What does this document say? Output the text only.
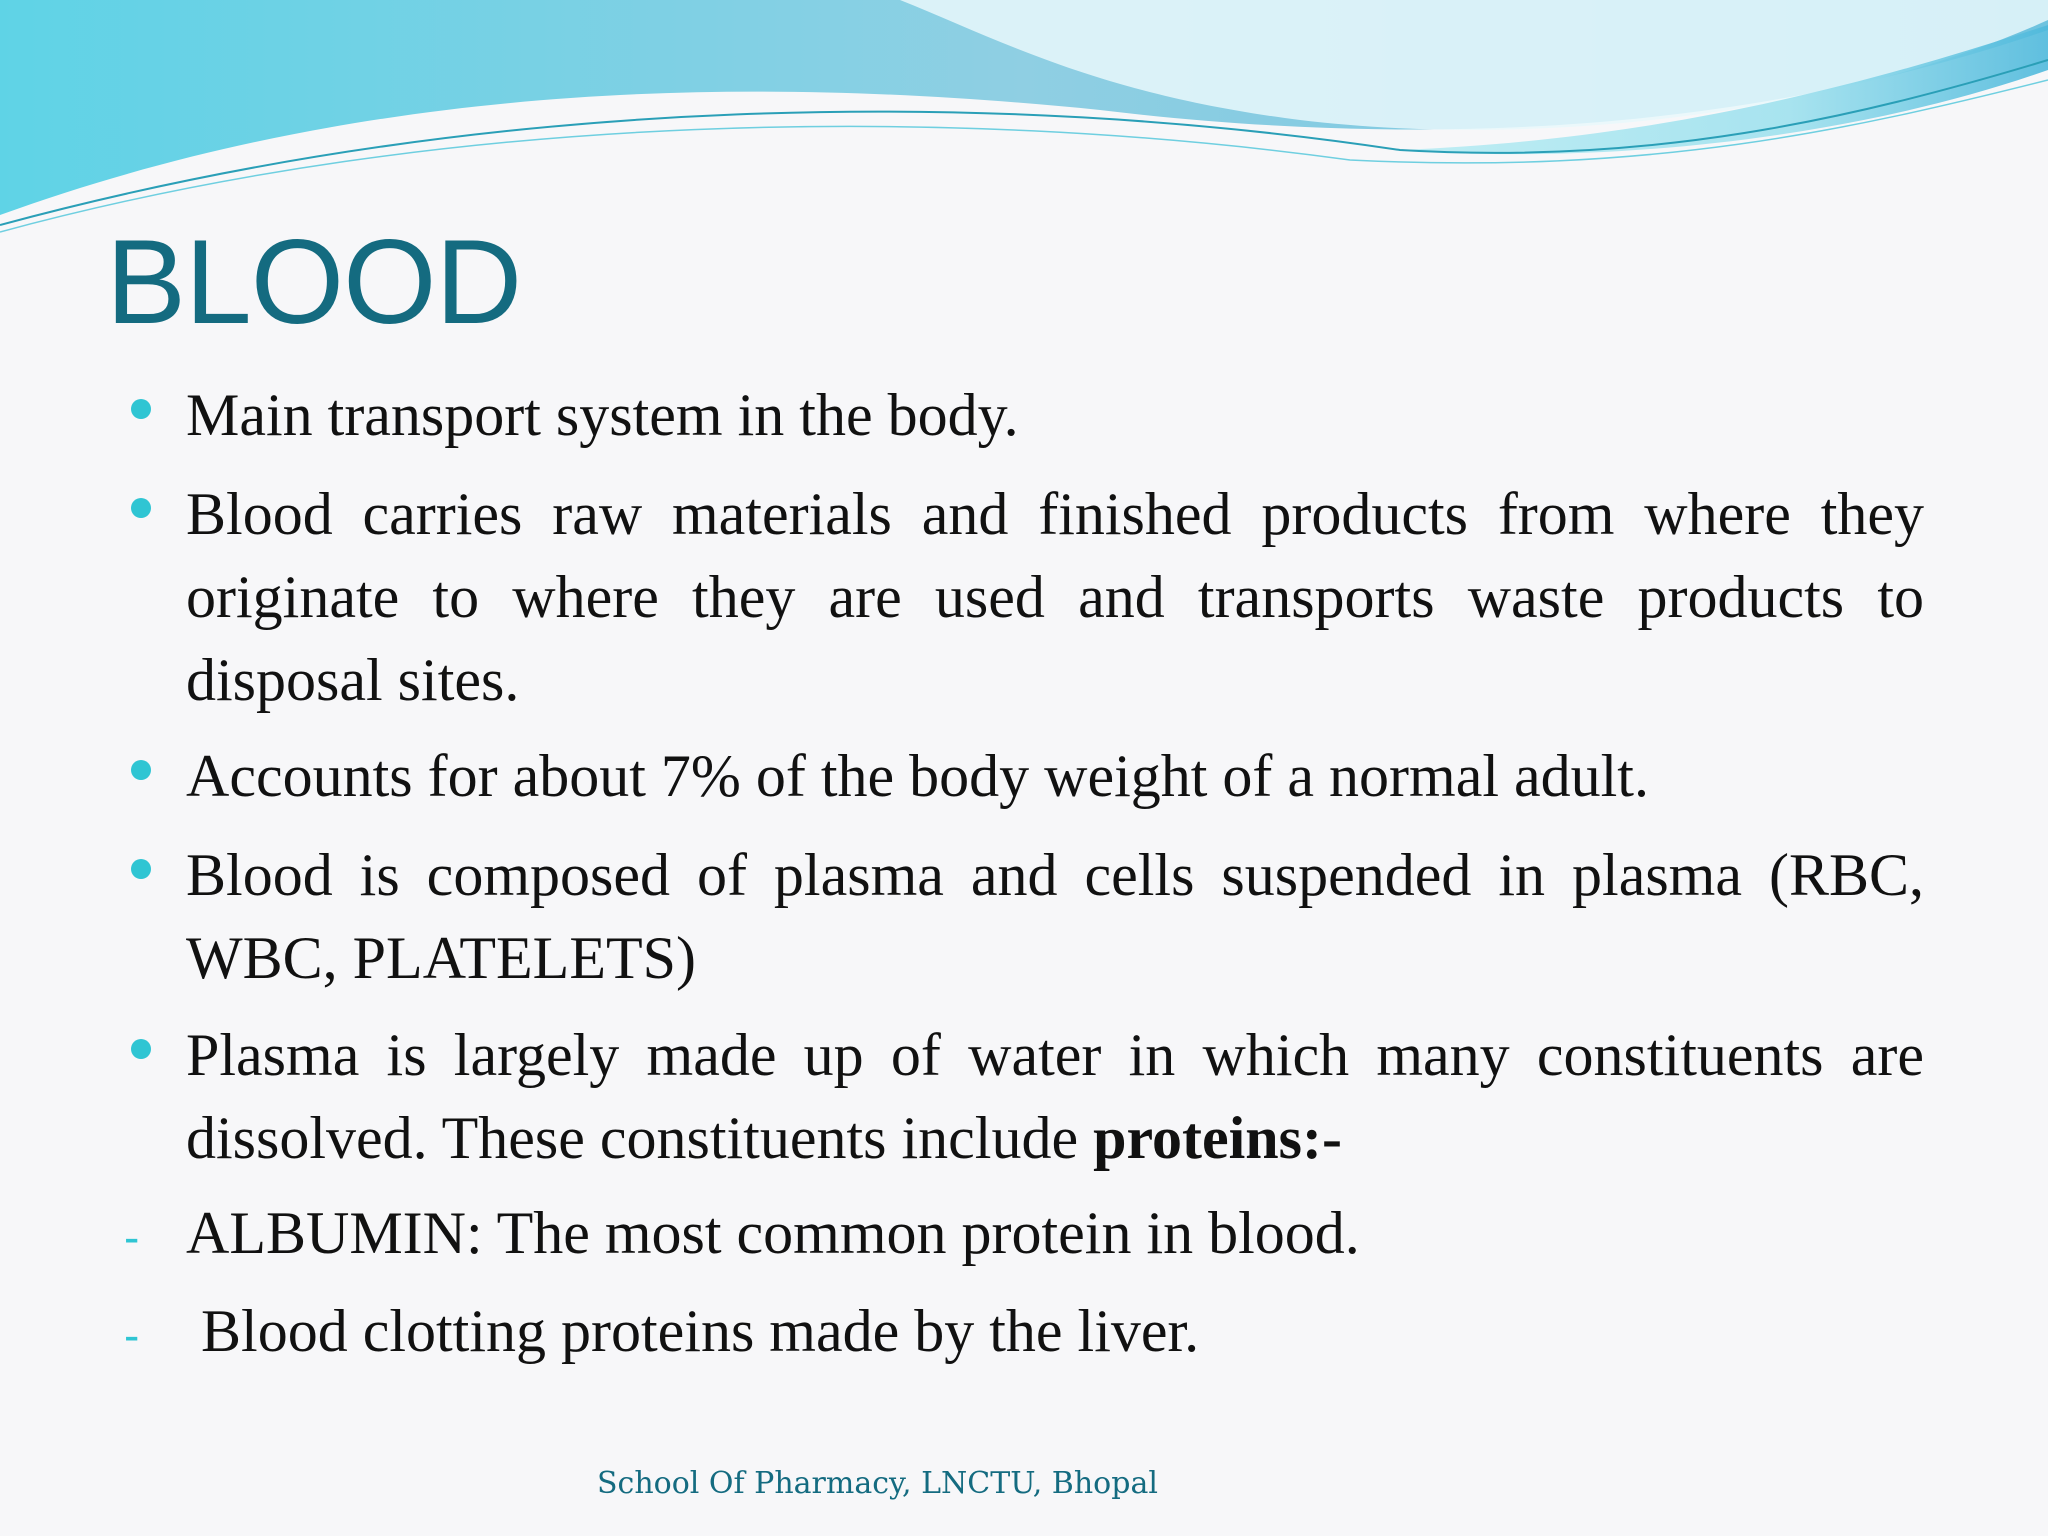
BLOOD
Main transport system in the body.
Blood carries raw materials and finished products from where they originate to where they are used and transports waste products to disposal sites.
Accounts for about 7% of the body weight of a normal adult.
Blood is composed of plasma and cells suspended in plasma (RBC, WBC, PLATELETS)
Plasma is largely made up of water in which many constituents are dissolved. These constituents include proteins:-
- ALBUMIN: The most common protein in blood.
- Blood clotting proteins made by the liver.
School Of Pharmacy, LNCTU, Bhopal
